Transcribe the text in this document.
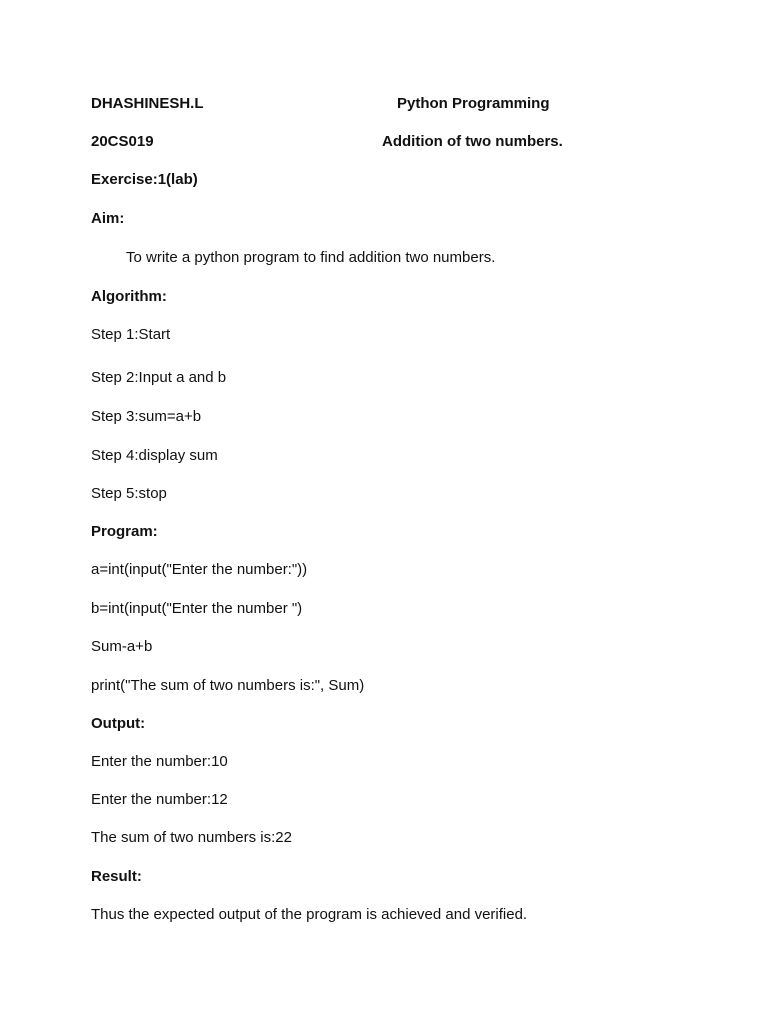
DHASHINESH.L	Python Programming
20CS019	Addition of two numbers.
Exercise:1(lab)
Aim:
To write a python program to find addition two numbers.
Algorithm:
Step 1:Start
Step 2:Input a and b
Step 3:sum=a+b
Step 4:display sum
Step 5:stop
Program:
a=int(input("Enter the number:"))
b=int(input("Enter the number ")
Sum-a+b
print("The sum of two numbers is:", Sum)
Output:
Enter the number:10
Enter the number:12
The sum of two numbers is:22
Result:
Thus the expected output of the program is achieved and verified.
